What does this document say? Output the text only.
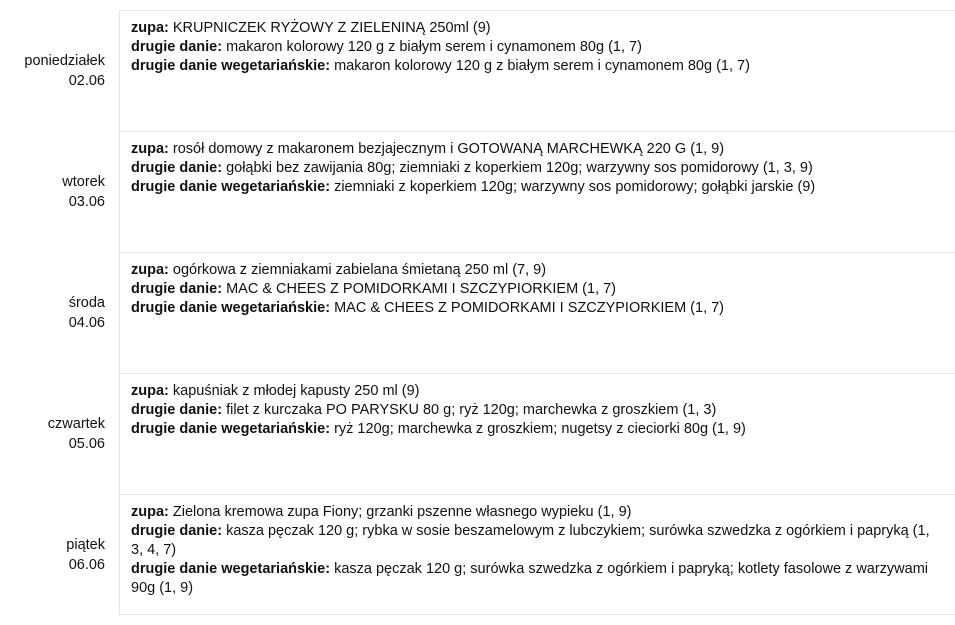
poniedziałek
02.06

zupa: KRUPNICZEK RYŻOWY Z ZIELENINĄ 250ml (9)

drugie danie: makaron kolorowy 120 g z białym serem i cynamonem 80g (1, 7)

drugie danie wegetariańskie: makaron kolorowy 120 g z białym serem i cynamonem 80g (1, 7)

wtorek
03.06

zupa: rosół domowy z makaronem bezjajecznym i GOTOWANĄ MARCHEWKĄ 220 G (1, 9)

drugie danie: gołąbki bez zawijania 80g; ziemniaki z koperkiem 120g; warzywny sos pomidorowy (1, 3, 9)

drugie danie wegetariańskie: ziemniaki z koperkiem 120g; warzywny sos pomidorowy; gołąbki jarskie (9)

środa
04.06

zupa: ogórkowa z ziemniakami zabielana śmietaną 250 ml (7, 9)

drugie danie: MAC & CHEES Z POMIDORKAMI I SZCZYPIORKIEM (1, 7)

drugie danie wegetariańskie: MAC & CHEES Z POMIDORKAMI I SZCZYPIORKIEM (1, 7)

czwartek
05.06

zupa: kapuśniak z młodej kapusty 250 ml (9)

drugie danie: filet z kurczaka PO PARYSKU 80 g; ryż 120g; marchewka z groszkiem (1, 3)

drugie danie wegetariańskie: ryż 120g; marchewka z groszkiem; nugetsy z cieciorki 80g (1, 9)

piątek
06.06

zupa: Zielona kremowa zupa Fiony; grzanki pszenne własnego wypieku (1, 9)

drugie danie: kasza pęczak 120 g; rybka w sosie beszamelowym z lubczykiem; surówka szwedzka z ogórkiem i papryką (1, 3, 4, 7)

drugie danie wegetariańskie: kasza pęczak 120 g; surówka szwedzka z ogórkiem i papryką; kotlety fasolowe z warzywami 90g (1, 9)
